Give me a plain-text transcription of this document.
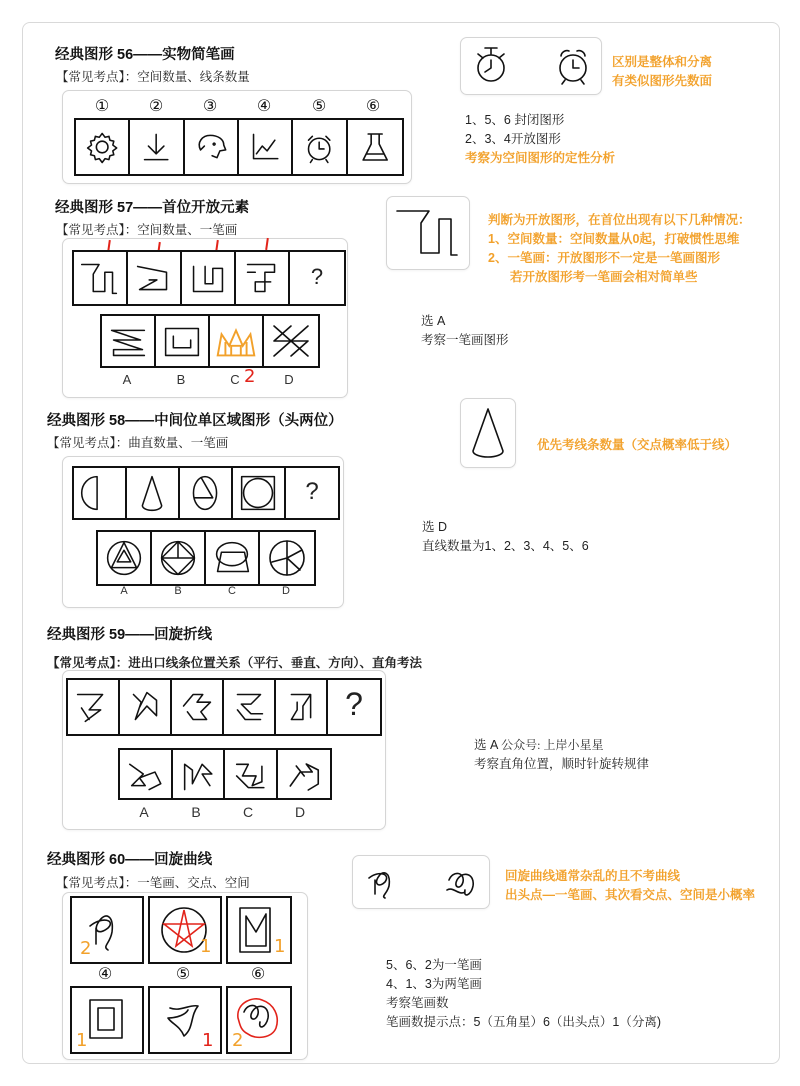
经典图形 56——实物简笔画
【常见考点】：空间数量、线条数量
① ② ③ ④	⑤ ⑥
区别是整体和分离
有类似图形先数面
1、5、6 封闭图形
2、3、4开放图形
考察为空间图形的定性分析
经典图形 57——首位开放元素
【常见考点】：空间数量、一笔画
?
A	B	C 2	D
判断为开放图形，在首位出现有以下几种情况：
1、空间数量：空间数量从0起，打破惯性思维
2、一笔画：开放图形不一定是一笔画图形
若开放图形考一笔画会相对简单些
选 A
考察一笔画图形
经典图形 58——中间位单区域图形（头两位）
【常见考点】：曲直数量、一笔画
?
A	B	C	D
优先考线条数量（交点概率低于线）
选 D
直线数量为1、2、3、4、5、6
经典图形 59——回旋折线
【常见考点】：进出口线条位置关系（平行、垂直、方向）、直角考法
?
A	B	C	D
选 A 公众号: 上岸小星星
考察直角位置，顺时针旋转规律
经典图形 60——回旋曲线
【常见考点】：一笔画、交点、空间
2	1	1
④	⑤	⑥
1	1 2
回旋曲线通常杂乱的且不考曲线
出头点—一笔画、其次看交点、空间是小概率
5、6、2为一笔画
4、1、3为两笔画
考察笔画数
笔画数提示点：5（五角星）6（出头点）1（分离)
